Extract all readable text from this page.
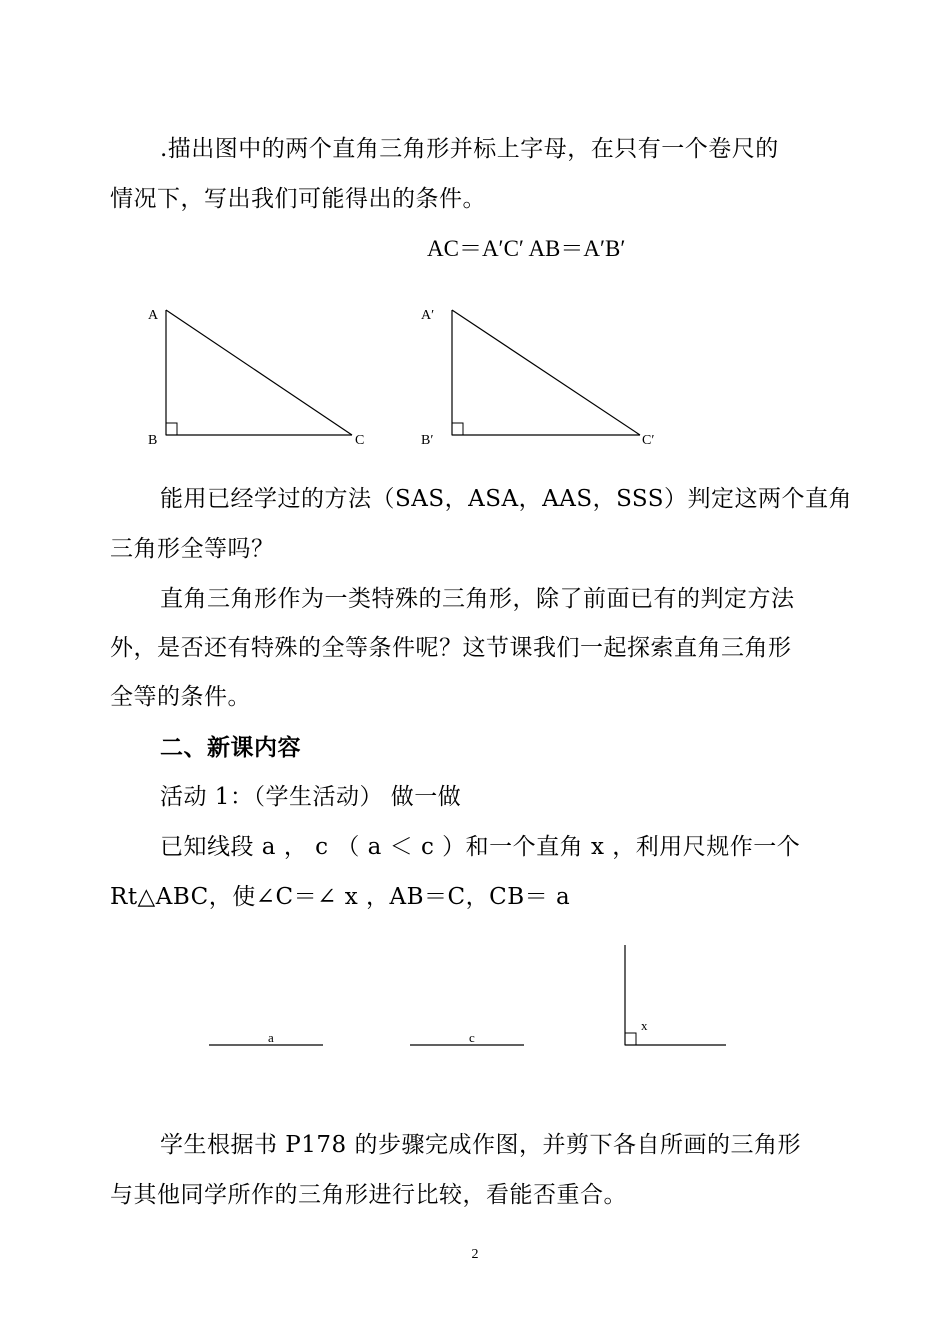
.描出图中的两个直角三角形并标上字母，在只有一个卷尺的
情况下，写出我们可能得出的条件。
AC＝A′C′ AB＝A′B′
A
B	C
A′
B′	C′
能用已经学过的方法（SAS，ASA，AAS，SSS）判定这两个直角
三角形全等吗？
直角三角形作为一类特殊的三角形，除了前面已有的判定方法
外，是否还有特殊的全等条件呢？这节课我们一起探索直角三角形
全等的条件。
二、新课内容
活动 1：（学生活动） 做一做
已知线段 a ， c （ a ＜ c ）和一个直角 x ，利用尺规作一个
Rt△ABC，使∠C＝∠ x ，AB＝C，CB＝ a
a	c
x
学生根据书 P178 的步骤完成作图，并剪下各自所画的三角形
与其他同学所作的三角形进行比较，看能否重合。
2
